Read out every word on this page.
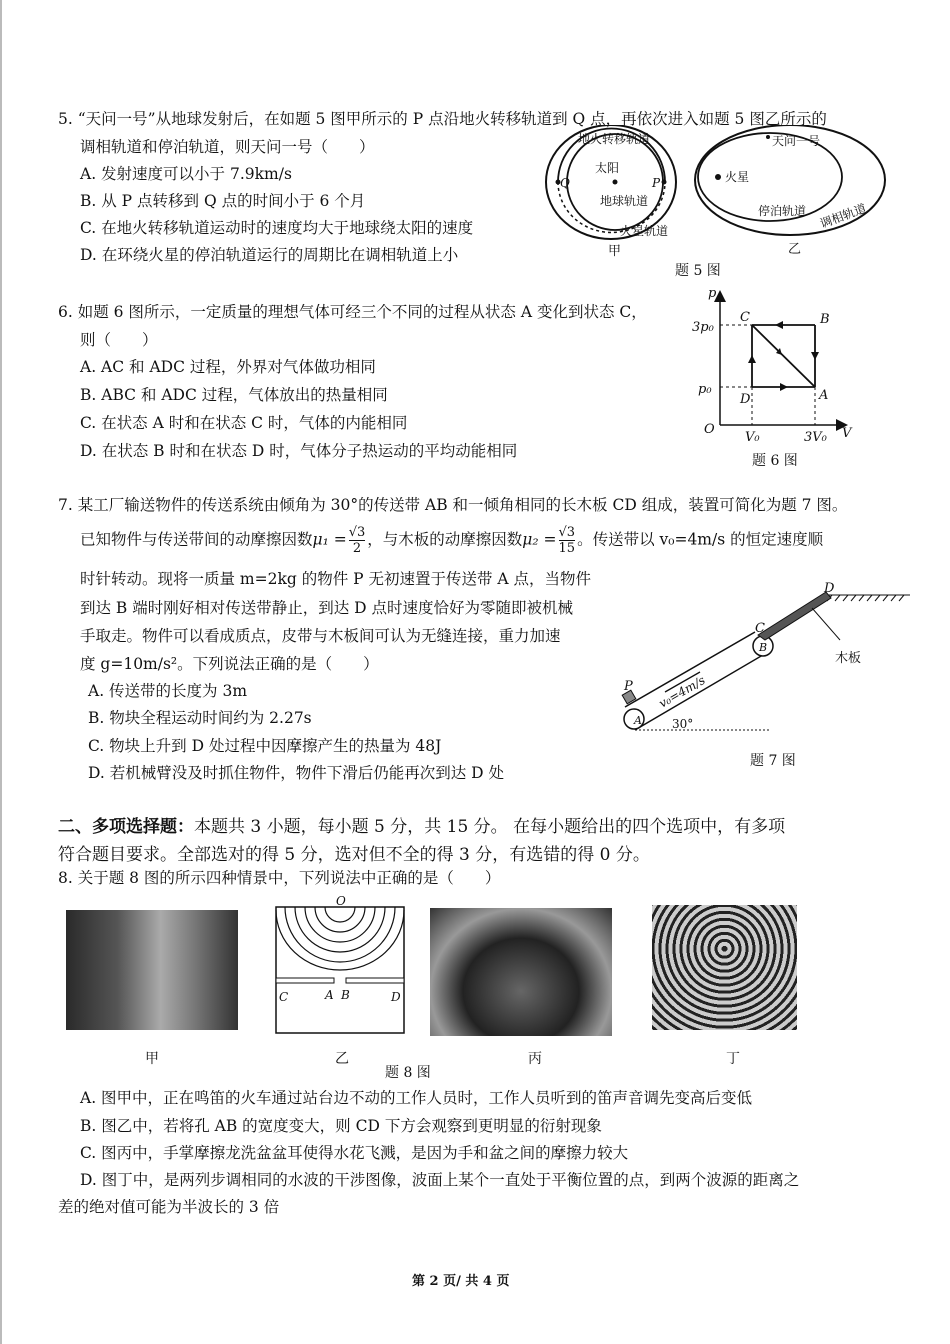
5. “天问一号”从地球发射后，在如题 5 图甲所示的 P 点沿地火转移轨道到 Q 点，再依次进入如题 5 图乙所示的
调相轨道和停泊轨道，则天问一号（　　）
A. 发射速度可以小于 7.9km/s
B. 从 P 点转移到 Q 点的时间小于 6 个月
C. 在地火转移轨道运动时的速度均大于地球绕太阳的速度
D. 在环绕火星的停泊轨道运行的周期比在调相轨道上小
地火转移轨道
太阳
地球轨道
火星轨道
Q	P
甲
火星
天问一号
停泊轨道 调相轨道
乙
题 5 图
6. 如题 6 图所示，一定质量的理想气体可经三个不同的过程从状态 A 变化到状态 C，
则（　　）
A. AC 和 ADC 过程，外界对气体做功相同
B. ABC 和 ADC 过程，气体放出的热量相同
C. 在状态 A 时和在状态 C 时，气体的内能相同
D. 在状态 B 时和在状态 D 时，气体分子热运动的平均动能相同
p
V
O
3p₀
p₀
V₀	3V₀
C	B
D	A
题 6 图
7. 某工厂输送物件的传送系统由倾角为 30°的传送带 AB 和一倾角相同的长木板 CD 组成，装置可简化为题 7 图。
已知物件与传送带间的动摩擦因数$\mu_1 = \frac{√3}{2}$ ，与木板的动摩擦因数$\mu_2 = \frac{√3}{15}$ 。传送带以 v₀=4m/s 的恒定速度顺
时针转动。现将一质量 m=2kg 的物件 P 无初速置于传送带 A 点，当物件
到达 B 端时刚好相对传送带静止，到达 D 点时速度恰好为零随即被机械
手取走。物件可以看成质点，皮带与木板间可认为无缝连接，重力加速
度 g=10m/s²。下列说法正确的是（　　）
A. 传送带的长度为 3m
B. 物块全程运动时间约为 2.27s
C. 物块上升到 D 处过程中因摩擦产生的热量为 48J
D. 若机械臂没及时抓住物件，物件下滑后仍能再次到达 D 处
A
B
C
D
P
木板
v₀=4m/s
30°
题 7 图
二、多项选择题：本题共 3 小题，每小题 5 分，共 15 分。 在每小题给出的四个选项中，有多项
符合题目要求。全部选对的得 5 分，选对但不全的得 3 分，有选错的得 0 分。
8. 关于题 8 图的所示四种情景中，下列说法中正确的是（　　）
O
C	A B	D
甲	乙
题 8 图
丙	丁
A. 图甲中，正在鸣笛的火车通过站台边不动的工作人员时，工作人员听到的笛声音调先变高后变低
B. 图乙中，若将孔 AB 的宽度变大，则 CD 下方会观察到更明显的衍射现象
C. 图丙中，手掌摩擦龙洗盆盆耳使得水花飞溅，是因为手和盆之间的摩擦力较大
D. 图丁中，是两列步调相同的水波的干涉图像，波面上某个一直处于平衡位置的点，到两个波源的距离之
差的绝对值可能为半波长的 3 倍
第 2 页/ 共 4 页
